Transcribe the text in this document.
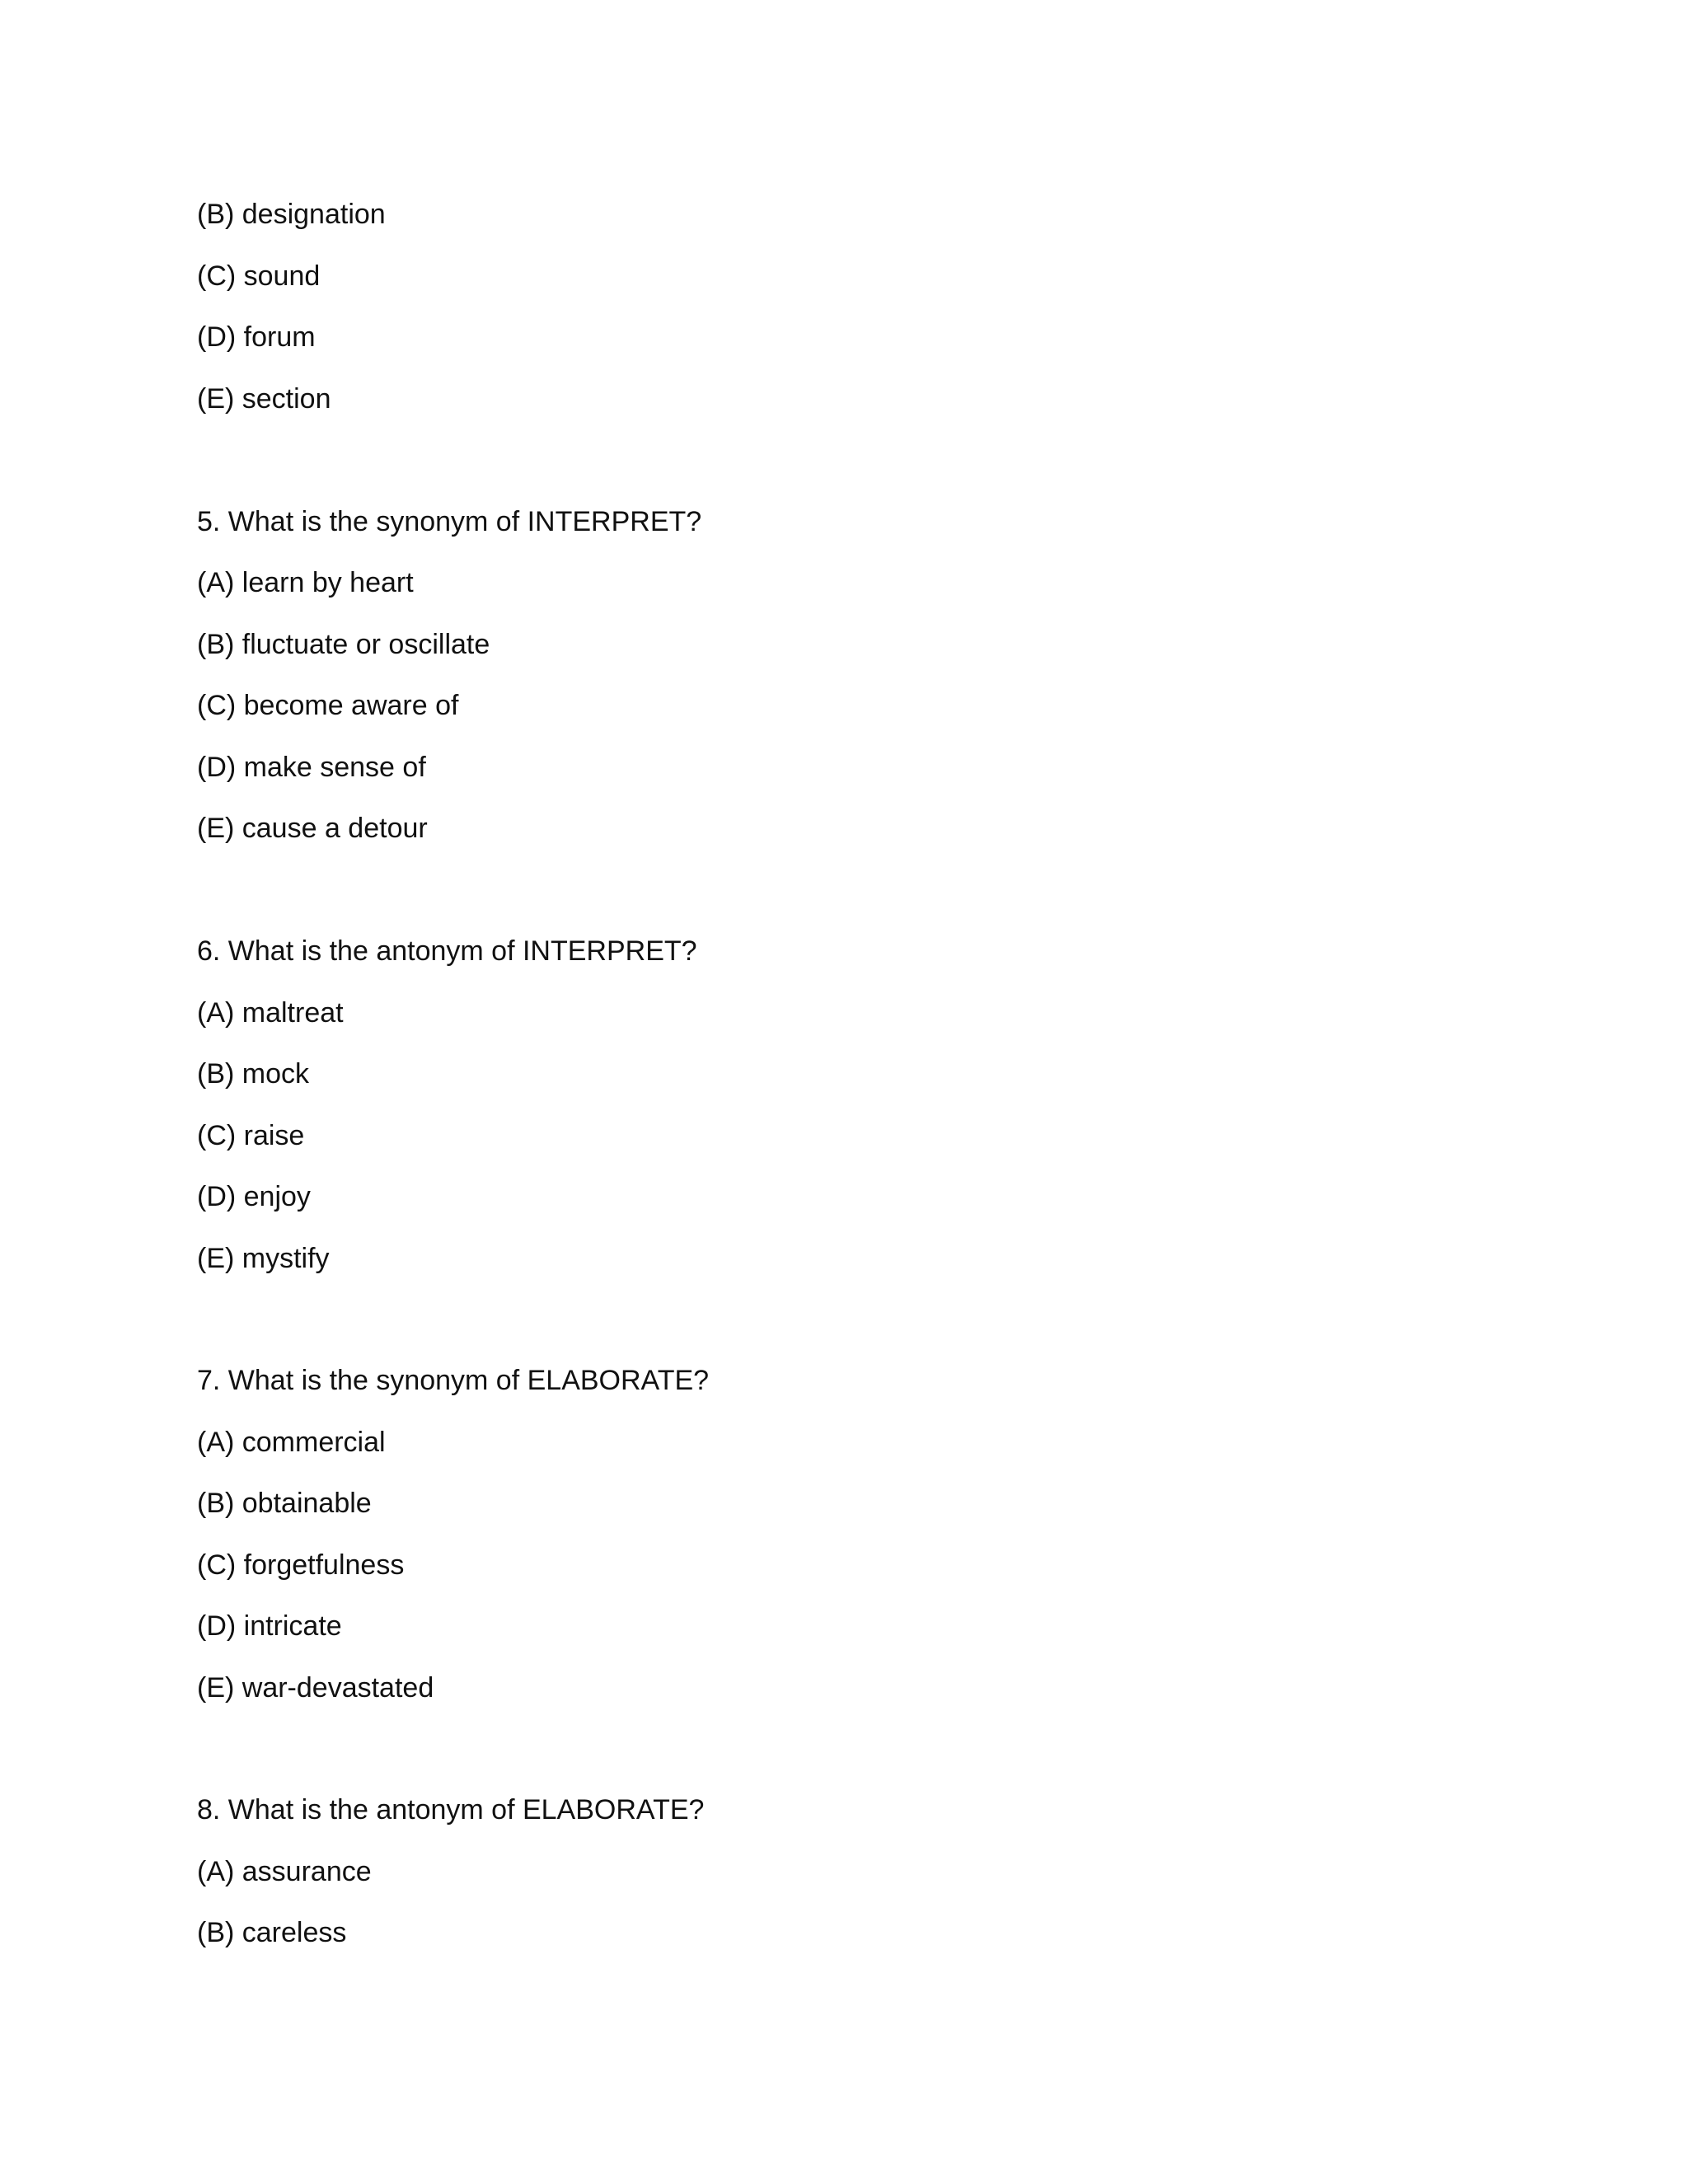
(B) designation
(C) sound
(D) forum
(E) section
5. What is the synonym of INTERPRET?
(A) learn by heart
(B) fluctuate or oscillate
(C) become aware of
(D) make sense of
(E) cause a detour
6. What is the antonym of INTERPRET?
(A) maltreat
(B) mock
(C) raise
(D) enjoy
(E) mystify
7. What is the synonym of ELABORATE?
(A) commercial
(B) obtainable
(C) forgetfulness
(D) intricate
(E) war-devastated
8. What is the antonym of ELABORATE?
(A) assurance
(B) careless
